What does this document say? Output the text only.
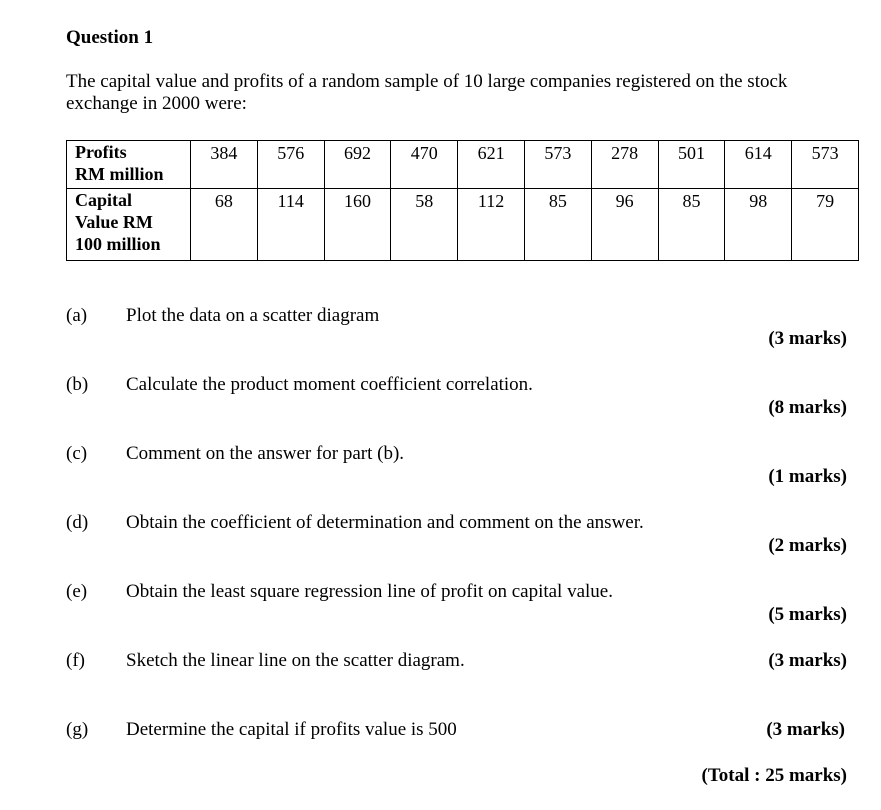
Question 1
The capital value and profits of a random sample of 10 large companies registered on the stock exchange in 2000 were:
Profits
RM million	384	576	692	470	621	573	278	501	614	573

Capital
Value RM
100 million	68	114	160	58	112	85	96	85	98	79
(a) Plot the data on a scatter diagram
(3 marks)
(b) Calculate the product moment coefficient correlation.
(8 marks)
(c) Comment on the answer for part (b).
(1 marks)
(d) Obtain the coefficient of determination and comment on the answer.
(2 marks)
(e) Obtain the least square regression line of profit on capital value.
(5 marks)
(f) Sketch the linear line on the scatter diagram.	(3 marks)
(g) Determine the capital if profits value is 500	(3 marks)
(Total : 25 marks)
